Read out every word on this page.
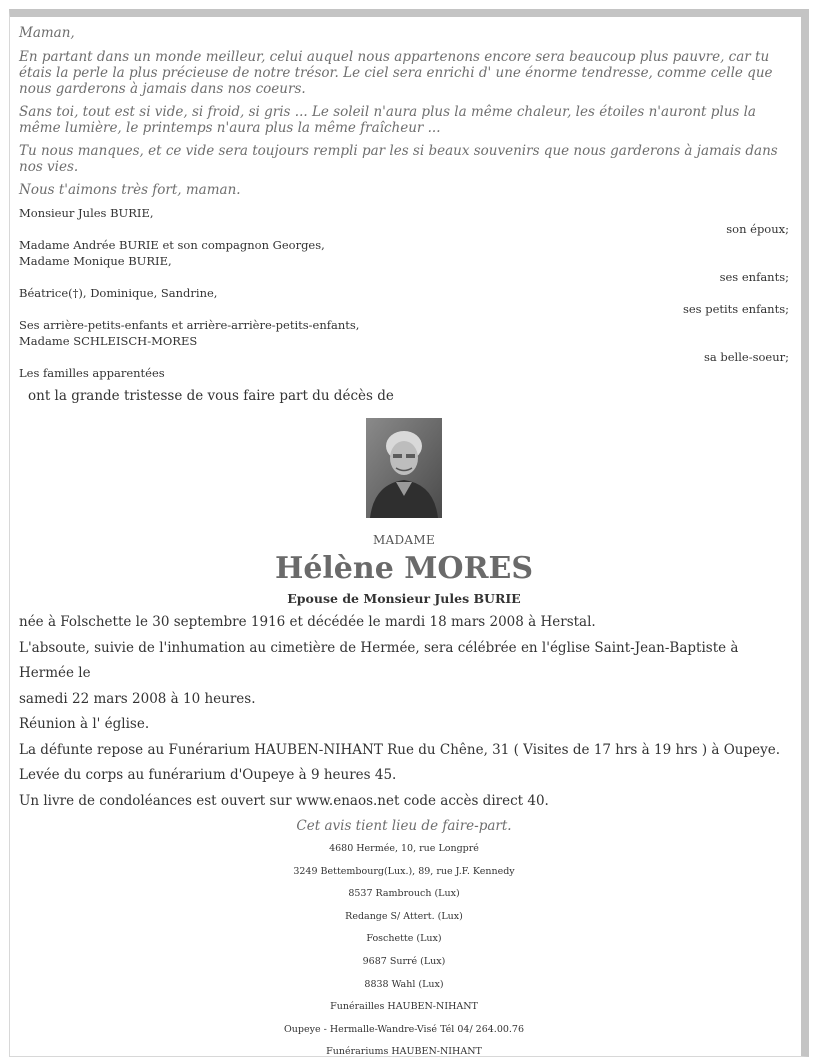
Maman,

En partant dans un monde meilleur, celui auquel nous appartenons encore sera beaucoup plus pauvre, car tu étais la perle la plus précieuse de notre trésor. Le ciel sera enrichi d' une énorme tendresse, comme celle que nous garderons à jamais dans nos coeurs.

Sans toi, tout est si vide, si froid, si gris ... Le soleil n'aura plus la même chaleur, les étoiles n'auront plus la même lumière, le printemps n'aura plus la même fraîcheur ...

Tu nous manques, et ce vide sera toujours rempli par les si beaux souvenirs que nous garderons à jamais dans nos vies.

Nous t'aimons très fort, maman.

Monsieur Jules BURIE,
son époux;
Madame Andrée BURIE et son compagnon Georges,
Madame Monique BURIE,
ses enfants;
Béatrice(†), Dominique, Sandrine,
ses petits enfants;
Ses arrière-petits-enfants et arrière-arrière-petits-enfants,
Madame SCHLEISCH-MORES
sa belle-soeur;
Les familles apparentées
ont la grande tristesse de vous faire part du décès de
MADAME
Hélène MORES
Epouse de Monsieur Jules BURIE

née à Folschette le 30 septembre 1916 et décédée le mardi 18 mars 2008 à Herstal.

L'absoute, suivie de l'inhumation au cimetière de Hermée, sera célébrée en l'église Saint-Jean-Baptiste à Hermée le

samedi 22 mars 2008 à 10 heures.

Réunion à l' église.

La défunte repose au Funérarium HAUBEN-NIHANT Rue du Chêne, 31 ( Visites de 17 hrs à 19 hrs ) à Oupeye.

Levée du corps au funérarium d'Oupeye à 9 heures 45.

Un livre de condoléances est ouvert sur www.enaos.net code accès direct 40.

Cet avis tient lieu de faire-part.

4680 Hermée, 10, rue Longpré

3249 Bettembourg(Lux.), 89, rue J.F. Kennedy

8537 Rambrouch (Lux)

Redange S/ Attert. (Lux)

Foschette (Lux)

9687 Surré (Lux)

8838 Wahl (Lux)

Funérailles HAUBEN-NIHANT

Oupeye - Hermalle-Wandre-Visé Tél 04/ 264.00.76

Funérariums HAUBEN-NIHANT
